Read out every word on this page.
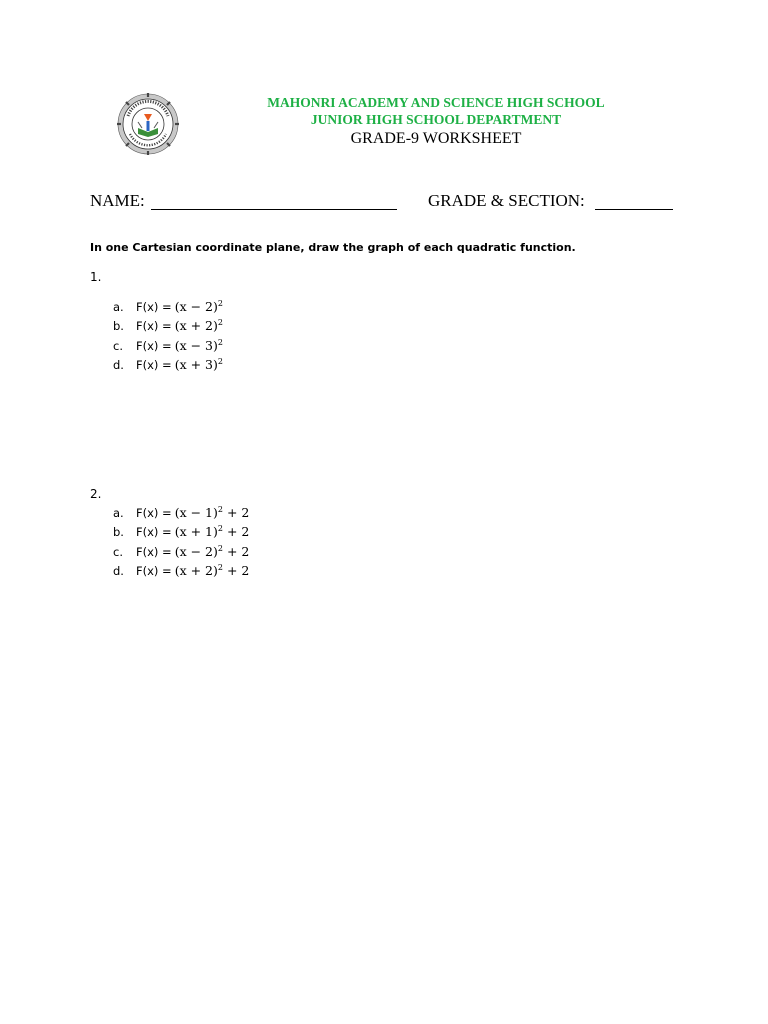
MAHONRI ACADEMY AND SCIENCE HIGH SCHOOL
JUNIOR HIGH SCHOOL DEPARTMENT
GRADE-9 WORKSHEET
NAME:	GRADE & SECTION:
In one Cartesian coordinate plane, draw the graph of each quadratic function.
1.
a. $F(x) = (x - 2)^2$
b. $F(x) = (x + 2)^2$
c. $F(x) = (x - 3)^2$
d. $F(x) = (x + 3)^2$
2.
a. $F(x) = (x - 1)^2 + 2$
b. $F(x) = (x + 1)^2 + 2$
c. $F(x) = (x - 2)^2 + 2$
d. $F(x) = (x + 2)^2 + 2$
